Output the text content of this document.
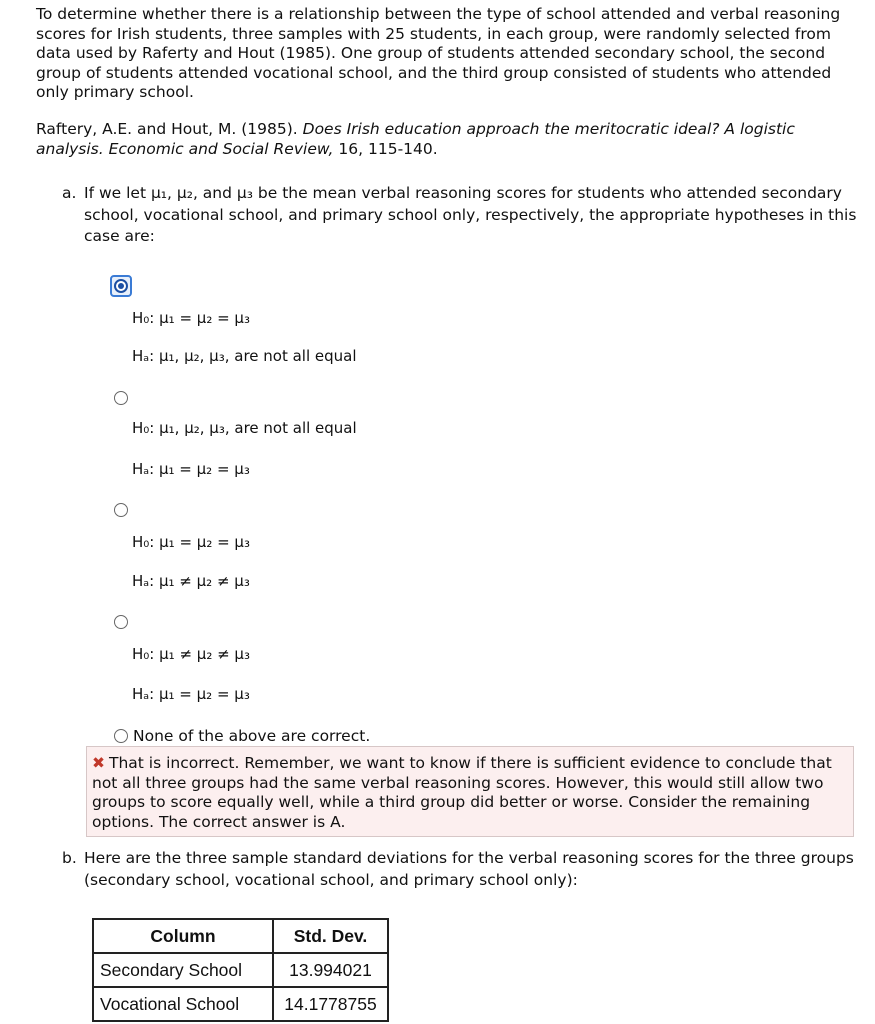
To determine whether there is a relationship between the type of school attended and verbal reasoning scores for Irish students, three samples with 25 students, in each group, were randomly selected from data used by Raferty and Hout (1985). One group of students attended secondary school, the second group of students attended vocational school, and the third group consisted of students who attended only primary school.

Raftery, A.E. and Hout, M. (1985). Does Irish education approach the meritocratic ideal? A logistic analysis. Economic and Social Review, 16, 115-140.

a. If we let μ₁, μ₂, and μ₃ be the mean verbal reasoning scores for students who attended secondary school, vocational school, and primary school only, respectively, the appropriate hypotheses in this case are:
H₀: μ₁ = μ₂ = μ₃
Hₐ: μ₁, μ₂, μ₃, are not all equal
H₀: μ₁, μ₂, μ₃, are not all equal
Hₐ: μ₁ = μ₂ = μ₃
H₀: μ₁ = μ₂ = μ₃
Hₐ: μ₁ ≠ μ₂ ≠ μ₃
H₀: μ₁ ≠ μ₂ ≠ μ₃
Hₐ: μ₁ = μ₂ = μ₃
None of the above are correct.
✖ That is incorrect. Remember, we want to know if there is sufficient evidence to conclude that not all three groups had the same verbal reasoning scores. However, this would still allow two groups to score equally well, while a third group did better or worse. Consider the remaining options. The correct answer is A.
b. Here are the three sample standard deviations for the verbal reasoning scores for the three groups (secondary school, vocational school, and primary school only):
Column	Std. Dev.
Secondary School	13.994021
Vocational School	14.1778755
